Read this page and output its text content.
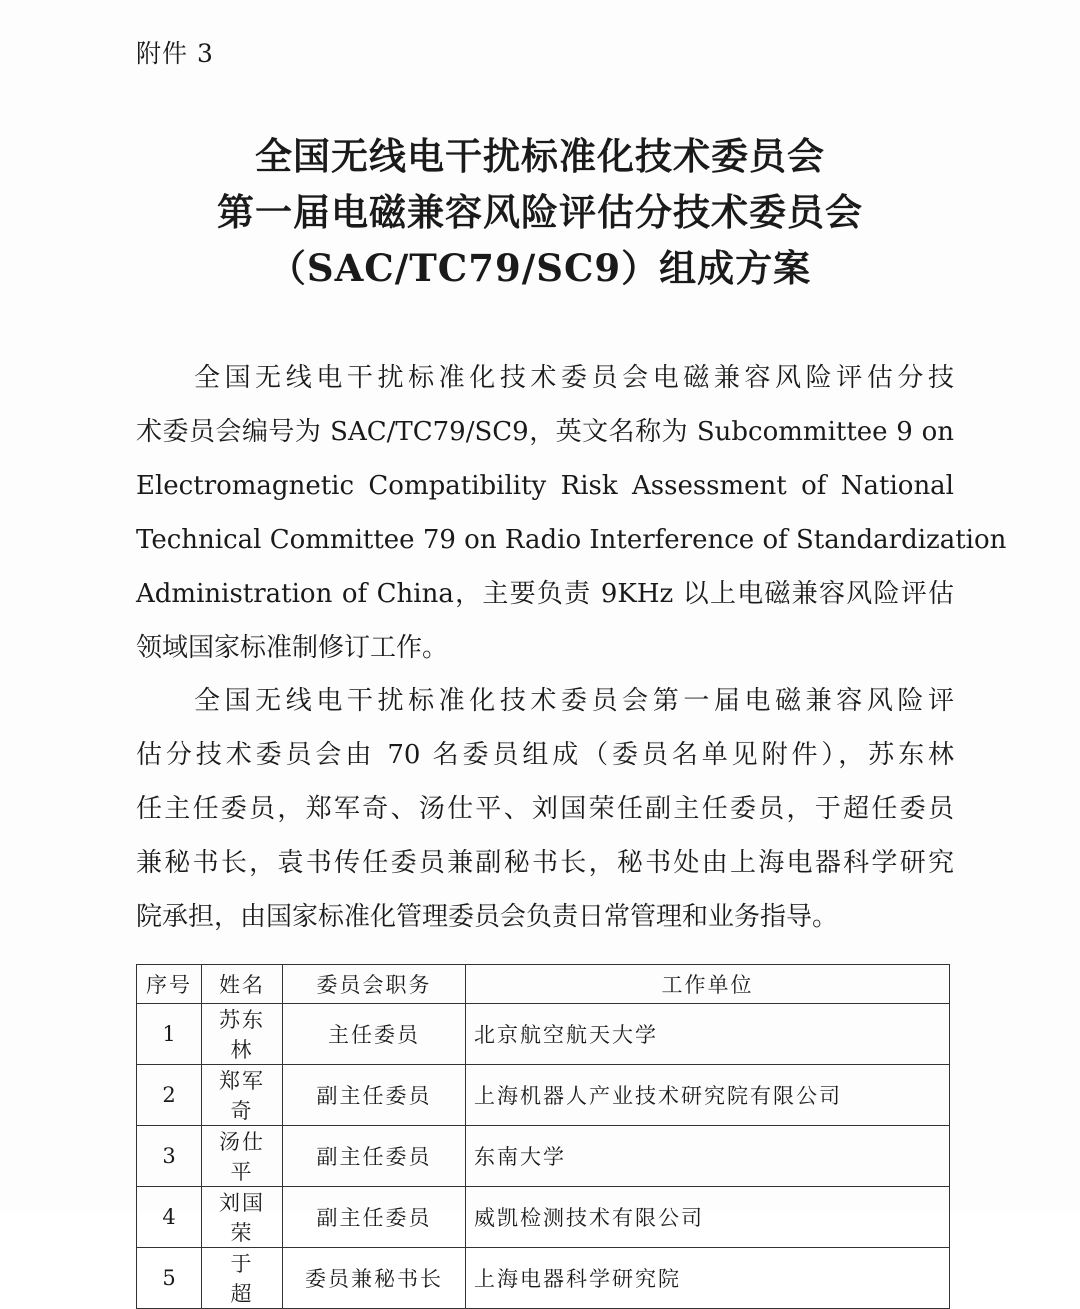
附件 3
全国无线电干扰标准化技术委员会
第一届电磁兼容风险评估分技术委员会
（SAC/TC79/SC9）组成方案
全国无线电干扰标准化技术委员会电磁兼容风险评估分技
术委员会编号为 SAC/TC79/SC9，英文名称为 Subcommittee 9 on
Electromagnetic Compatibility Risk Assessment of National
Technical Committee 79 on Radio Interference of Standardization
Administration of China，主要负责 9KHz 以上电磁兼容风险评估
领域国家标准制修订工作。
全国无线电干扰标准化技术委员会第一届电磁兼容风险评
估分技术委员会由 70 名委员组成（委员名单见附件），苏东林
任主任委员，郑军奇、汤仕平、刘国荣任副主任委员，于超任委员
兼秘书长，袁书传任委员兼副秘书长，秘书处由上海电器科学研究
院承担，由国家标准化管理委员会负责日常管理和业务指导。
序号	姓名	委员会职务	工作单位
1	苏东林	主任委员	北京航空航天大学
2	郑军奇	副主任委员	上海机器人产业技术研究院有限公司
3	汤仕平	副主任委员	东南大学
4	刘国荣	副主任委员	威凯检测技术有限公司
5	于　超	委员兼秘书长	上海电器科学研究院
